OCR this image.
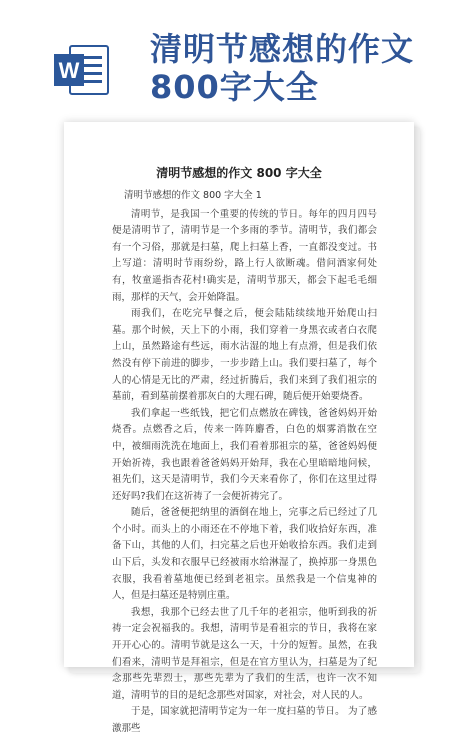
W
清明节感想的作文
800字大全
清明节感想的作文 800 字大全

清明节感想的作文 800 字大全 1

清明节，是我国一个重要的传统的节日。每年的四月四号便是清明节了，清明节是一个多雨的季节。清明节，我们都会有一个习俗，那就是扫墓，爬上扫墓上香，一直都没变过。书上写道：清明时节雨纷纷，路上行人欲断魂。借问酒家何处有，牧童遥指杏花村!确实是，清明节那天，都会下起毛毛细雨，那样的天气，会开始降温。

雨我们，在吃完早餐之后，便会陆陆续续地开始爬山扫墓。那个时候，天上下的小雨，我们穿着一身黑衣或者白衣爬上山，虽然路途有些远，雨水沾湿的地上有点滑，但是我们依然没有停下前进的脚步，一步步踏上山。我们要扫墓了，每个人的心情是无比的严肃，经过折腾后，我们来到了我们祖宗的墓前，看到墓前摆着那灰白的大理石碑，随后便开始要烧香。

我们拿起一些纸钱，把它们点燃放在碑钱，爸爸妈妈开始烧香。点燃香之后，传来一阵阵麝香，白色的烟雾消散在空中，被细雨洗洗在地面上，我们看着那祖宗的墓，爸爸妈妈便开始祈祷，我也跟着爸爸妈妈开始拜，我在心里暗暗地问候，祖先们，这天是清明节，我们今天来看你了，你们在这里过得还好吗?我们在这祈祷了一会便祈祷完了。

随后，爸爸便把纳里的酒倒在地上，完事之后已经过了几个小时。而头上的小雨还在不停地下着，我们收拾好东西，准备下山，其他的人们，扫完墓之后也开始收拾东西。我们走到山下后，头发和衣服早已经被雨水给淋湿了，换掉那一身黑色衣服，我看着墓地便已经到老祖宗。虽然我是一个信鬼神的人，但是扫墓还是特别庄重。

我想，我那个已经去世了几千年的老祖宗，他听到我的祈祷一定会祝福我的。我想，清明节是看祖宗的节日，我将在家开开心心的。清明节就是这么一天，十分的短暂。虽然，在我们看来，清明节是拜祖宗，但是在官方里认为，扫墓是为了纪念那些先辈烈士，那些先辈为了我们的生活，也许一次不知道，清明节的目的是纪念那些对国家，对社会，对人民的人。

于是，国家就把清明节定为一年一度扫墓的节日。 为了感激那些
